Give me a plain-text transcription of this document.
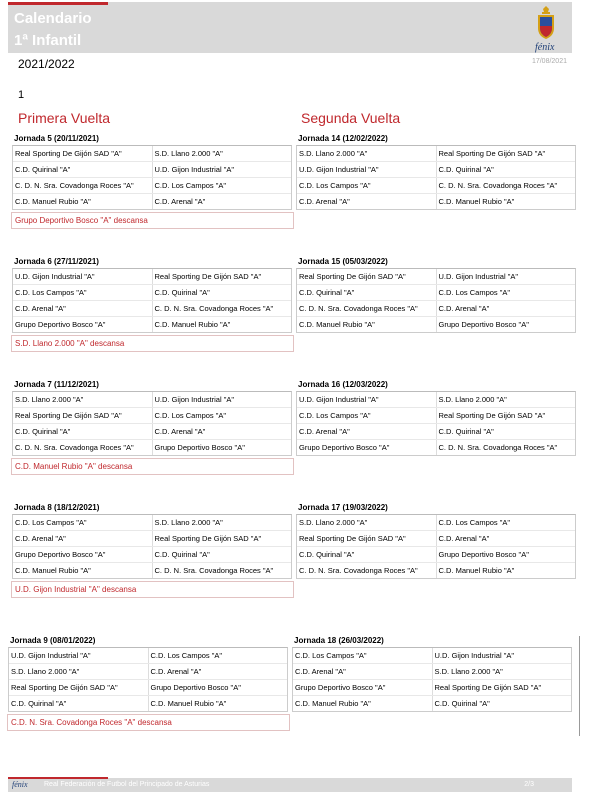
Calendario
1ª Infantil	fénix
2021/2022	17/08/2021
1
Primera Vuelta	Segunda Vuelta
Jornada 5 (20/11/2021)
Real Sporting De Gijón SAD "A"	S.D. Llano 2.000 "A"
C.D. Quirinal "A"	U.D. Gijon Industrial "A"
C. D. N. Sra. Covadonga Roces "A"	C.D. Los Campos "A"
C.D. Manuel Rubio "A"	C.D. Arenal "A"
Grupo Deportivo Bosco "A" descansa
Jornada 14 (12/02/2022)
S.D. Llano 2.000 "A"	Real Sporting De Gijón SAD "A"
U.D. Gijon Industrial "A"	C.D. Quirinal "A"
C.D. Los Campos "A"	C. D. N. Sra. Covadonga Roces "A"
C.D. Arenal "A"	C.D. Manuel Rubio "A"
Jornada 6 (27/11/2021)
U.D. Gijon Industrial "A"	Real Sporting De Gijón SAD "A"
C.D. Los Campos "A"	C.D. Quirinal "A"
C.D. Arenal "A"	C. D. N. Sra. Covadonga Roces "A"
Grupo Deportivo Bosco "A"	C.D. Manuel Rubio "A"
S.D. Llano 2.000 "A" descansa
Jornada 15 (05/03/2022)
Real Sporting De Gijón SAD "A"	U.D. Gijon Industrial "A"
C.D. Quirinal "A"	C.D. Los Campos "A"
C. D. N. Sra. Covadonga Roces "A"	C.D. Arenal "A"
C.D. Manuel Rubio "A"	Grupo Deportivo Bosco "A"
Jornada 7 (11/12/2021)
S.D. Llano 2.000 "A"	U.D. Gijon Industrial "A"
Real Sporting De Gijón SAD "A"	C.D. Los Campos "A"
C.D. Quirinal "A"	C.D. Arenal "A"
C. D. N. Sra. Covadonga Roces "A"	Grupo Deportivo Bosco "A"
C.D. Manuel Rubio "A" descansa
Jornada 16 (12/03/2022)
U.D. Gijon Industrial "A"	S.D. Llano 2.000 "A"
C.D. Los Campos "A"	Real Sporting De Gijón SAD "A"
C.D. Arenal "A"	C.D. Quirinal "A"
Grupo Deportivo Bosco "A"	C. D. N. Sra. Covadonga Roces "A"
Jornada 8 (18/12/2021)
C.D. Los Campos "A"	S.D. Llano 2.000 "A"
C.D. Arenal "A"	Real Sporting De Gijón SAD "A"
Grupo Deportivo Bosco "A"	C.D. Quirinal "A"
C.D. Manuel Rubio "A"	C. D. N. Sra. Covadonga Roces "A"
U.D. Gijon Industrial "A" descansa
Jornada 17 (19/03/2022)
S.D. Llano 2.000 "A"	C.D. Los Campos "A"
Real Sporting De Gijón SAD "A"	C.D. Arenal "A"
C.D. Quirinal "A"	Grupo Deportivo Bosco "A"
C. D. N. Sra. Covadonga Roces "A"	C.D. Manuel Rubio "A"
Jornada 9 (08/01/2022)
U.D. Gijon Industrial "A"	C.D. Los Campos "A"
S.D. Llano 2.000 "A"	C.D. Arenal "A"
Real Sporting De Gijón SAD "A"	Grupo Deportivo Bosco "A"
C.D. Quirinal "A"	C.D. Manuel Rubio "A"
C.D. N. Sra. Covadonga Roces "A" descansa
Jornada 18 (26/03/2022)
C.D. Los Campos "A"	U.D. Gijon Industrial "A"
C.D. Arenal "A"	S.D. Llano 2.000 "A"
Grupo Deportivo Bosco "A"	Real Sporting De Gijón SAD "A"
C.D. Manuel Rubio "A"	C.D. Quirinal "A"
fénix Real Federación de Futbol del Principado de Asturias	2/3
